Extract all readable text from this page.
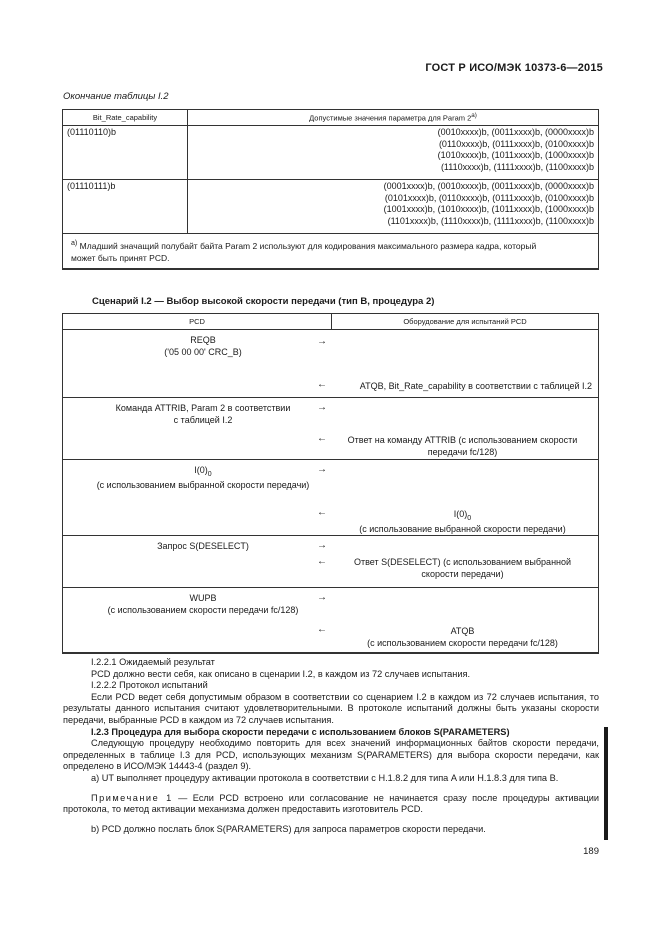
ГОСТ Р ИСО/МЭК 10373-6—2015
Окончание таблицы I.2
Bit_Rate_capability	Допустимые значения параметра для Param 2$^{a)}$
(01110110)b	(0010xxxx)b, (0011xxxx)b, (0000xxxx)b
(0110xxxx)b, (0111xxxx)b, (0100xxxx)b
(1010xxxx)b, (1011xxxx)b, (1000xxxx)b
(1110xxxx)b, (1111xxxx)b, (1100xxxx)b

(01110111)b	(0001xxxx)b, (0010xxxx)b, (0011xxxx)b, (0000xxxx)b
(0101xxxx)b, (0110xxxx)b, (0111xxxx)b, (0100xxxx)b
(1001xxxx)b, (1010xxxx)b, (1011xxxx)b, (1000xxxx)b
(1101xxxx)b, (1110xxxx)b, (1111xxxx)b, (1100xxxx)b

$^{a)}$ Младший значащий полубайт байта Param 2 используют для кодирования максимального размера кадра, который
может быть принят PCD.	
Сценарий I.2 — Выбор высокой скорости передачи (тип В, процедура 2)
PCD	Оборудование для испытаний PCD

REQB
('05 00 00' CRC_B)
→
←	ATQB, Bit_Rate_capability в соответствии с таблицей I.2

Команда ATTRIB, Param 2 в соответствии
с таблицей I.2
→
←	Ответ на команду ATTRIB (с использованием скорости
передачи fc/128)

$I(0)_0$
(с использованием выбранной скорости передачи)
→
←	$I(0)_0$
(с использование выбранной скорости передачи)

Запрос S(DESELECT)	→
←	Ответ S(DESELECT) (с использованием выбранной
скорости передачи)

WUPB
(с использованием скорости передачи fc/128)
→
←	ATQB
(с использованием скорости передачи fc/128)

I.2.2.1 Ожидаемый результат

PCD должно вести себя, как описано в сценарии I.2, в каждом из 72 случаев испытания.

I.2.2.2 Протокол испытаний

Если PCD ведет себя допустимым образом в соответствии со сценарием I.2 в каждом из 72 случаев испытания, то результаты данного испытания считают удовлетворительными. В протоколе испытаний должны быть указаны скорости передачи, выбранные PCD в каждом из 72 случаев испытания.

I.2.3 Процедура для выбора скорости передачи с использованием блоков S(PARAMETERS)

Следующую процедуру необходимо повторить для всех значений информационных байтов скорости передачи, определенных в таблице I.3 для PCD, использующих механизм S(PARAMETERS) для выбора скорости передачи, как определено в ИСО/МЭК 14443-4 (раздел 9).

a) UT выполняет процедуру активации протокола в соответствии с H.1.8.2 для типа A или H.1.8.3 для типа B.

Примечание 1 — Если PCD встроено или согласование не начинается сразу после процедуры активации протокола, то метод активации механизма должен предоставить изготовитель PCD.

b) PCD должно послать блок S(PARAMETERS) для запроса параметров скорости передачи.

189
